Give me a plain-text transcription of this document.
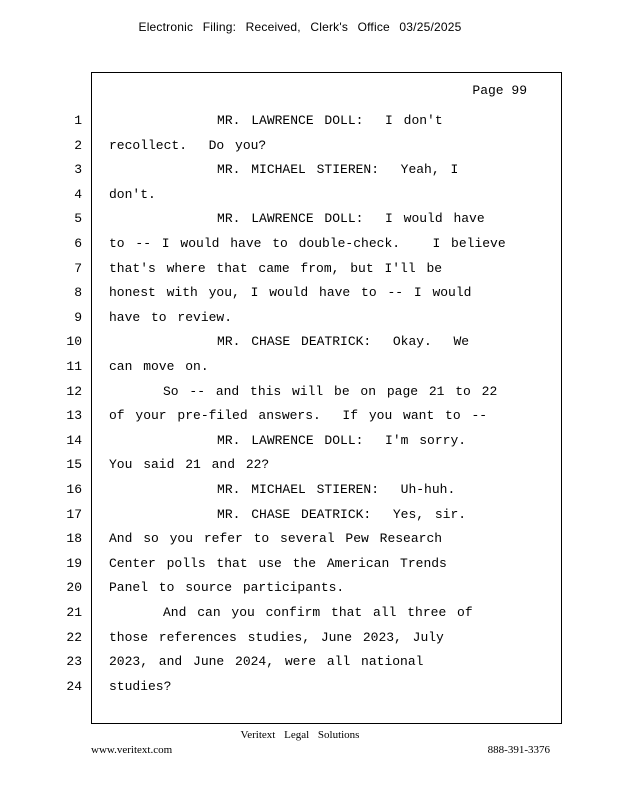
Electronic Filing: Received, Clerk's Office 03/25/2025
Page 99
1 MR. LAWRENCE DOLL:  I don't
2 recollect.  Do you?
3 MR. MICHAEL STIEREN:  Yeah, I
4 don't.
5 MR. LAWRENCE DOLL:  I would have
6 to -- I would have to double-check.   I believe
7 that's where that came from, but I'll be
8 honest with you, I would have to -- I would
9 have to review.
10 MR. CHASE DEATRICK:  Okay.  We
11 can move on.
12 So -- and this will be on page 21 to 22
13 of your pre-filed answers.  If you want to --
14 MR. LAWRENCE DOLL:  I'm sorry.
15 You said 21 and 22?
16 MR. MICHAEL STIEREN:  Uh-huh.
17 MR. CHASE DEATRICK:  Yes, sir.
18 And so you refer to several Pew Research
19 Center polls that use the American Trends
20 Panel to source participants.
21 And can you confirm that all three of
22 those references studies, June 2023, July
23 2023, and June 2024, were all national
24 studies?
Veritext Legal Solutions
www.veritext.com	888-391-3376
